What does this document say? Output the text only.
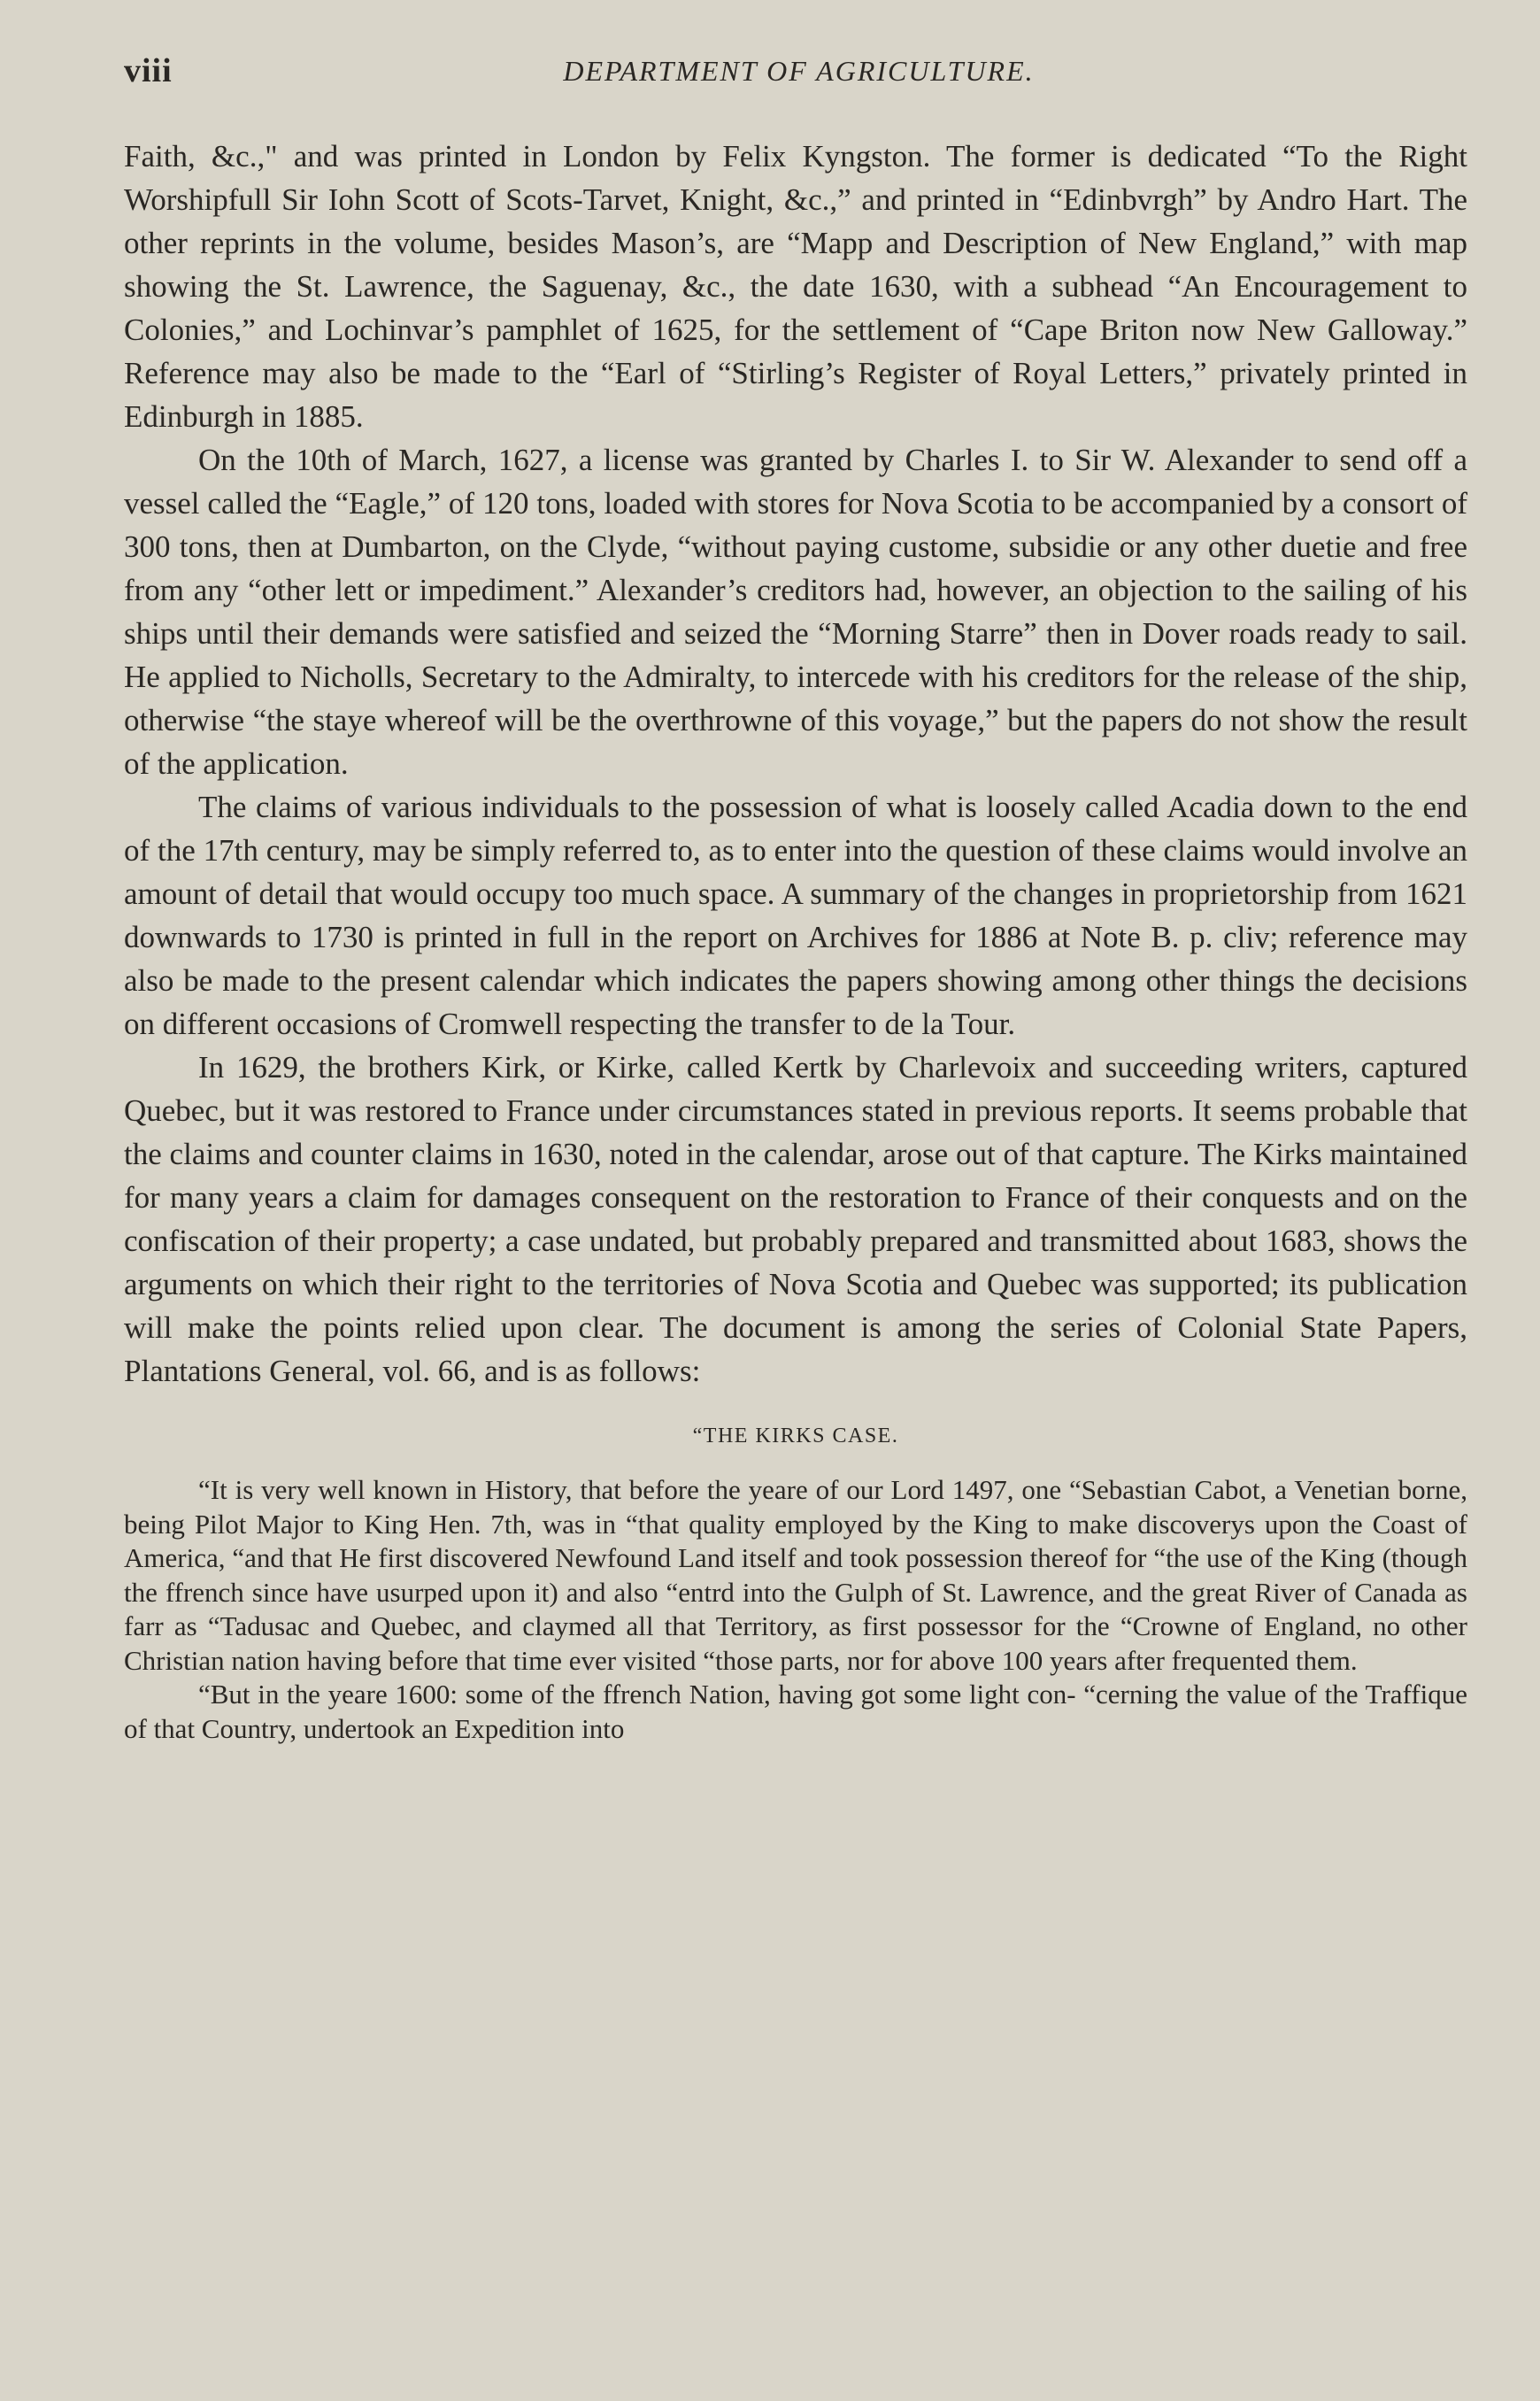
viii	DEPARTMENT OF AGRICULTURE.

Faith, &c.," and was printed in London by Felix Kyngston. The former is dedicated “To the Right Worshipfull Sir Iohn Scott of Scots-Tarvet, Knight, &c.,” and printed in “Edinbvrgh” by Andro Hart. The other reprints in the volume, besides Mason’s, are “Mapp and Description of New England,” with map showing the St. Lawrence, the Saguenay, &c., the date 1630, with a subhead “An Encouragement to Colonies,” and Lochinvar’s pamphlet of 1625, for the settlement of “Cape Briton now New Galloway.” Reference may also be made to the “Earl of “Stirling’s Register of Royal Letters,” privately printed in Edinburgh in 1885.

On the 10th of March, 1627, a license was granted by Charles I. to Sir W. Alexander to send off a vessel called the “Eagle,” of 120 tons, loaded with stores for Nova Scotia to be accompanied by a consort of 300 tons, then at Dumbarton, on the Clyde, “without paying custome, subsidie or any other duetie and free from any “other lett or impediment.” Alexander’s creditors had, however, an objection to the sailing of his ships until their demands were satisfied and seized the “Morning Starre” then in Dover roads ready to sail. He applied to Nicholls, Secretary to the Admiralty, to intercede with his creditors for the release of the ship, otherwise “the staye whereof will be the overthrowne of this voyage,” but the papers do not show the result of the application.

The claims of various individuals to the possession of what is loosely called Acadia down to the end of the 17th century, may be simply referred to, as to enter into the question of these claims would involve an amount of detail that would occupy too much space. A summary of the changes in proprietorship from 1621 downwards to 1730 is printed in full in the report on Archives for 1886 at Note B. p. cliv; reference may also be made to the present calendar which indicates the papers showing among other things the decisions on different occasions of Cromwell respecting the transfer to de la Tour.

In 1629, the brothers Kirk, or Kirke, called Kertk by Charlevoix and succeeding writers, captured Quebec, but it was restored to France under circumstances stated in previous reports. It seems probable that the claims and counter claims in 1630, noted in the calendar, arose out of that capture. The Kirks maintained for many years a claim for damages consequent on the restoration to France of their conquests and on the confiscation of their property; a case undated, but probably prepared and transmitted about 1683, shows the arguments on which their right to the territories of Nova Scotia and Quebec was supported; its publication will make the points relied upon clear. The document is among the series of Colonial State Papers, Plantations General, vol. 66, and is as follows:

“THE KIRKS CASE.

“It is very well known in History, that before the yeare of our Lord 1497, one “Sebastian Cabot, a Venetian borne, being Pilot Major to King Hen. 7th, was in “that quality employed by the King to make discoverys upon the Coast of America, “and that He first discovered Newfound Land itself and took possession thereof for “the use of the King (though the ffrench since have usurped upon it) and also “entrd into the Gulph of St. Lawrence, and the great River of Canada as farr as “Tadusac and Quebec, and claymed all that Territory, as first possessor for the “Crowne of England, no other Christian nation having before that time ever visited “those parts, nor for above 100 years after frequented them.

“But in the yeare 1600: some of the ffrench Nation, having got some light con- “cerning the value of the Traffique of that Country, undertook an Expedition into
